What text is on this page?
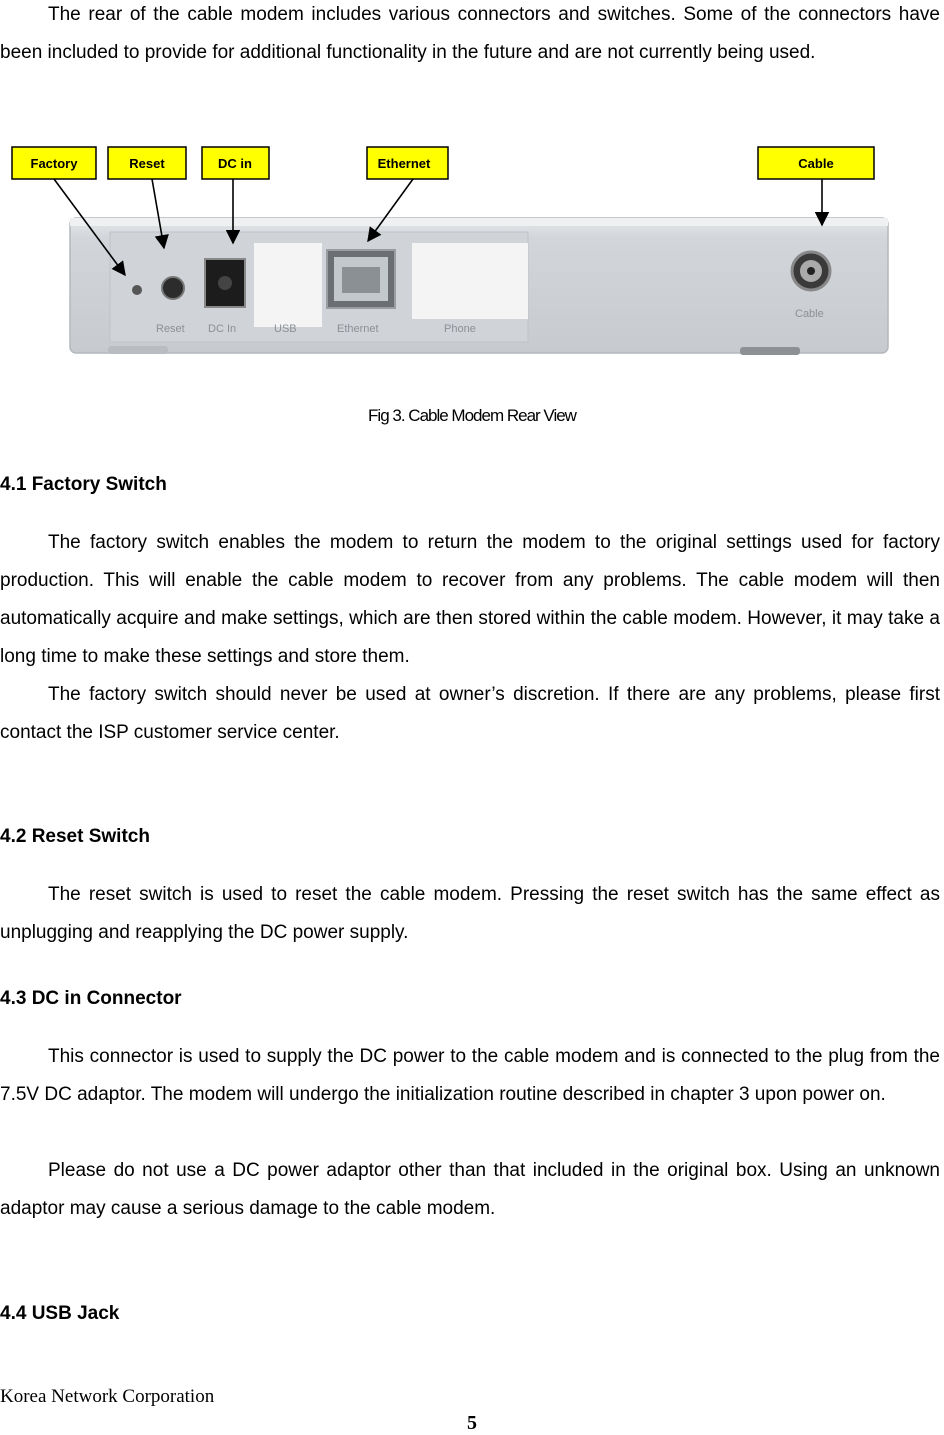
The rear of the cable modem includes various connectors and switches. Some of the connectors have been included to provide for additional functionality in the future and are not currently being used.

Reset DC In	USB	Ethernet	Phone
Cable
Factory	Reset	DC in	Ethernet	Cable
Fig 3. Cable Modem Rear View
4.1 Factory Switch

The factory switch enables the modem to return the modem to the original settings used for factory production. This will enable the cable modem to recover from any problems. The cable modem will then automatically acquire and make settings, which are then stored within the cable modem. However, it may take a long time to make these settings and store them.

The factory switch should never be used at owner’s discretion. If there are any problems, please first contact the ISP customer service center.

4.2 Reset Switch

The reset switch is used to reset the cable modem. Pressing the reset switch has the same effect as unplugging and reapplying the DC power supply.

4.3 DC in Connector

This connector is used to supply the DC power to the cable modem and is connected to the plug from the 7.5V DC adaptor. The modem will undergo the initialization routine described in chapter 3 upon power on.

Please do not use a DC power adaptor other than that included in the original box. Using an unknown adaptor may cause a serious damage to the cable modem.

4.4 USB Jack
Korea Network Corporation
5
